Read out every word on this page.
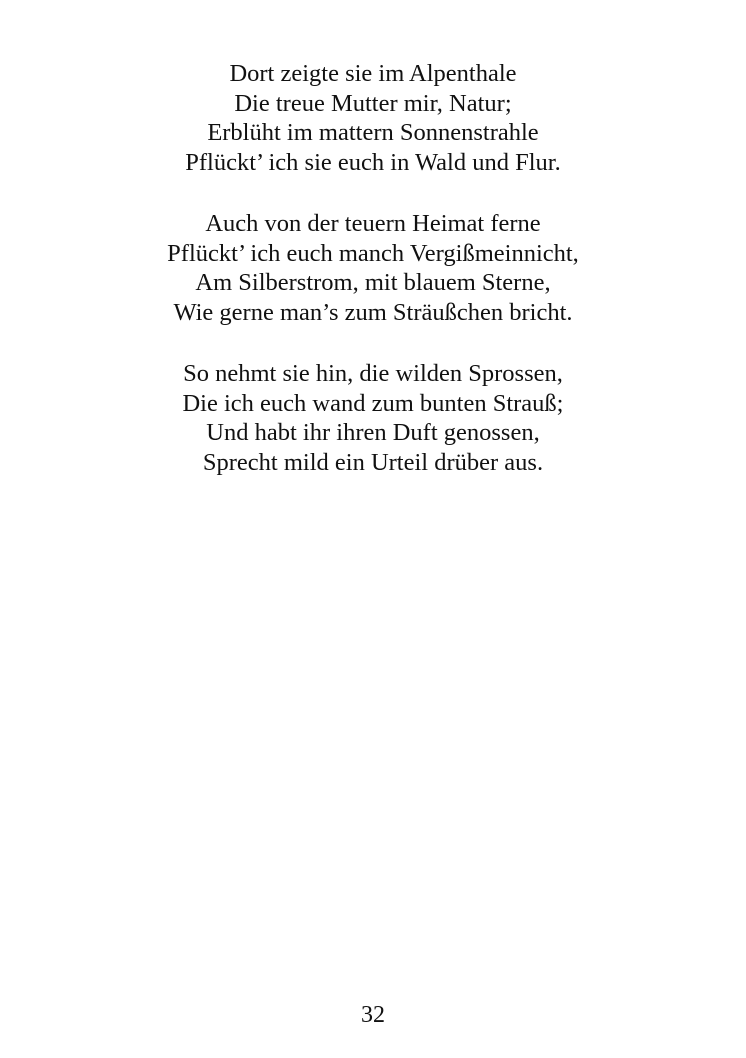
Dort zeigte sie im Alpenthale
Die treue Mutter mir, Natur;
Erblüht im mattern Sonnenstrahle
Pflückt’ ich sie euch in Wald und Flur.
Auch von der teuern Heimat ferne
Pflückt’ ich euch manch Vergißmeinnicht,
Am Silberstrom, mit blauem Sterne,
Wie gerne man’s zum Sträußchen bricht.
So nehmt sie hin, die wilden Sprossen,
Die ich euch wand zum bunten Strauß;
Und habt ihr ihren Duft genossen,
Sprecht mild ein Urteil drüber aus.
32
